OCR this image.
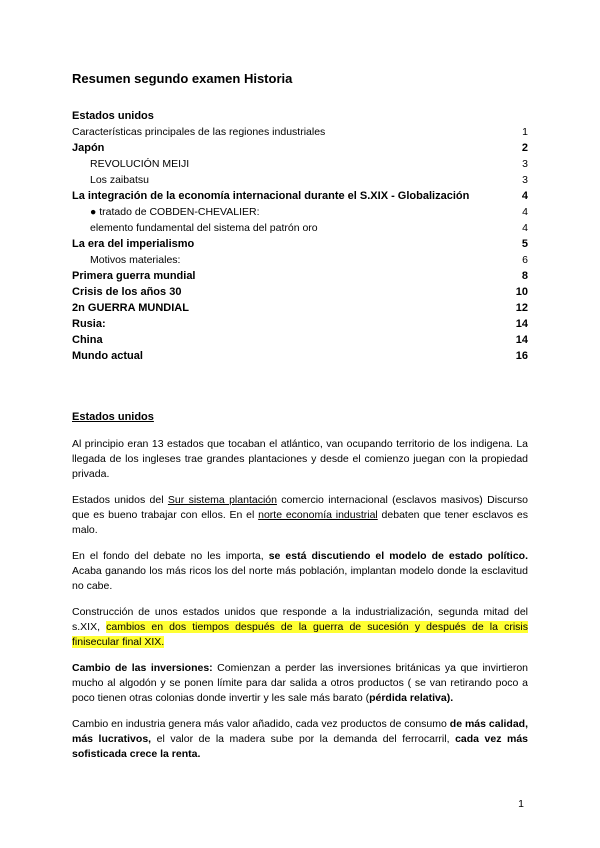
Resumen segundo examen Historia
Estados unidos
Características principales de las regiones industriales	1
Japón	2
REVOLUCIÓN MEIJI	3
Los zaibatsu	3
La integración de la economía internacional durante el S.XIX - Globalización	4
● tratado de COBDEN-CHEVALIER:	4
elemento fundamental del sistema del patrón oro	4
La era del imperialismo	5
Motivos materiales:	6
Primera guerra mundial	8
Crisis de los años 30	10
2n GUERRA MUNDIAL	12
Rusia:	14
China	14
Mundo actual	16
Estados unidos

Al principio eran 13 estados que tocaban el atlántico, van ocupando territorio de los indigena. La llegada de los ingleses trae grandes plantaciones y desde el comienzo juegan con la propiedad privada.

Estados unidos del Sur sistema plantación comercio internacional (esclavos masivos) Discurso que es bueno trabajar con ellos. En el norte economía industrial debaten que tener esclavos es malo.

En el fondo del debate no les importa, se está discutiendo el modelo de estado político. Acaba ganando los más ricos los del norte más población, implantan modelo donde la esclavitud no cabe.

Construcción de unos estados unidos que responde a la industrialización, segunda mitad del s.XIX, cambios en dos tiempos después de la guerra de sucesión y después de la crisis finisecular final XIX.

Cambio de las inversiones: Comienzan a perder las inversiones británicas ya que invirtieron mucho al algodón y se ponen límite para dar salida a otros productos ( se van retirando poco a poco tienen otras colonias donde invertir y les sale más barato (pérdida relativa).

Cambio en industria genera más valor añadido, cada vez productos de consumo de más calidad, más lucrativos, el valor de la madera sube por la demanda del ferrocarril, cada vez más sofisticada crece la renta.

1
